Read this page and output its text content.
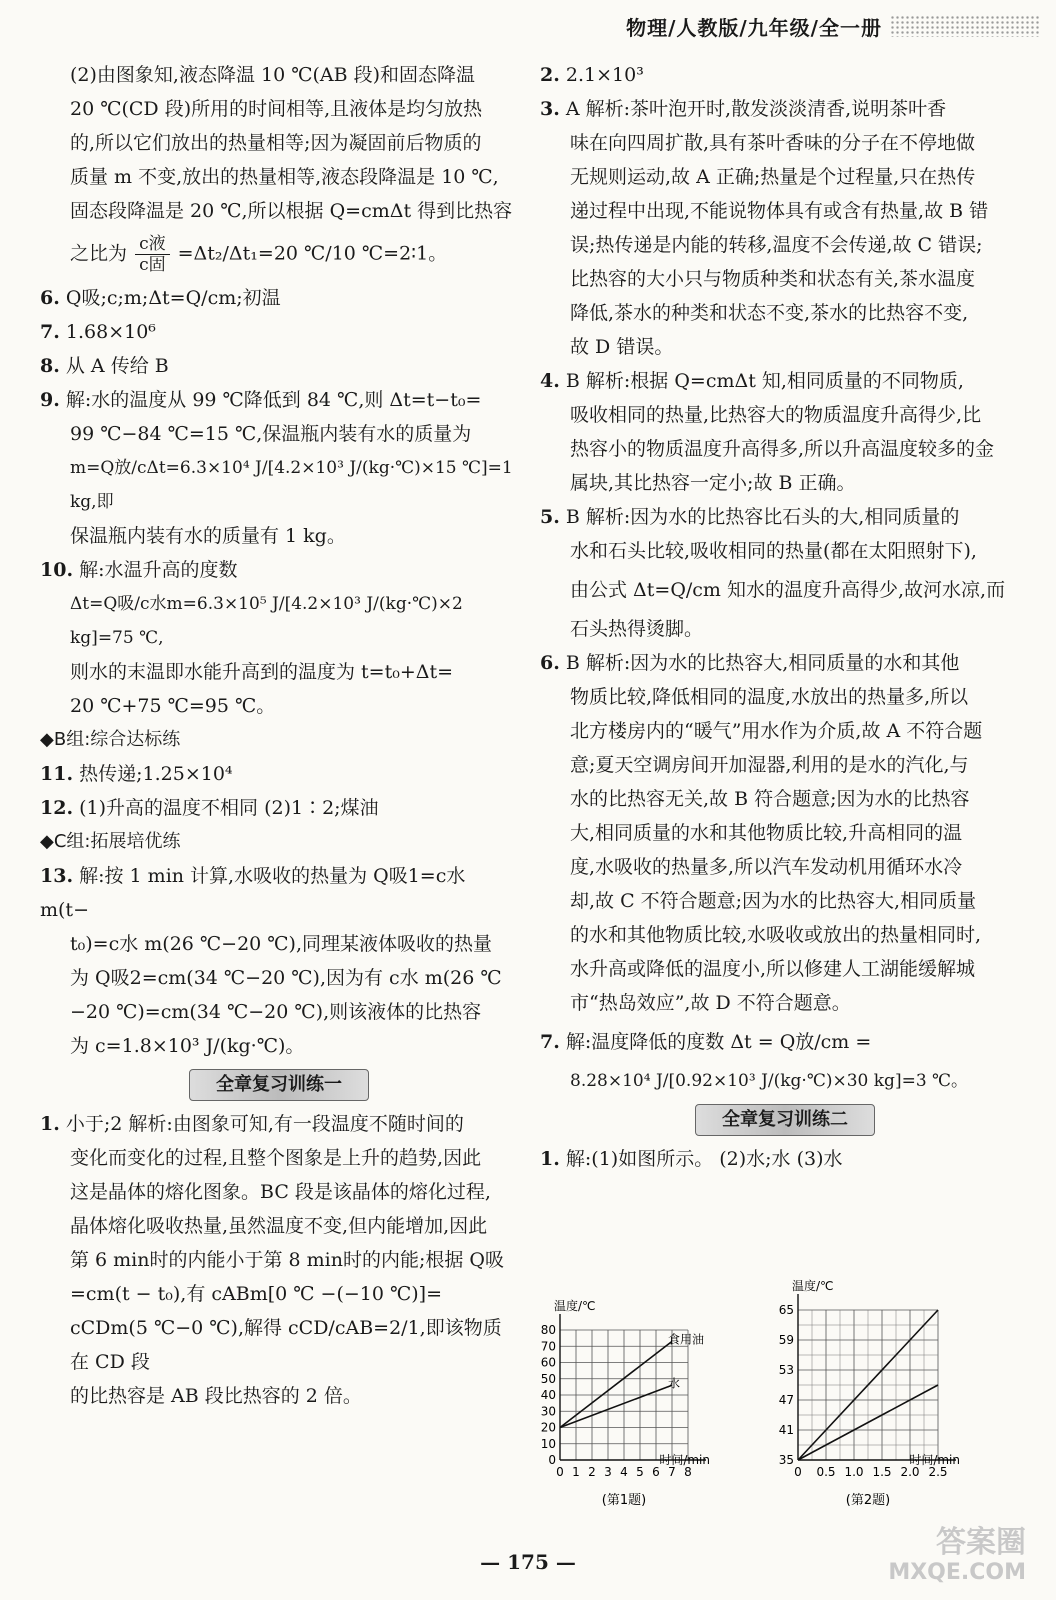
物理/人教版/九年级/全一册

(2)由图象知,液态降温 10 ℃(AB 段)和固态降温

20 ℃(CD 段)所用的时间相等,且液体是均匀放热

的,所以它们放出的热量相等;因为凝固前后物质的

质量 m 不变,放出的热量相等,液态段降温是 10 ℃,

固态段降温是 20 ℃,所以根据 Q=cmΔt 得到比热容

之比为 $\frac{\text{c液}}{\text{c固}} =\Delta t_2/\Delta t_1=20$ ℃/10 ℃=2∶1。

6. Q吸;c;m;Δt=Q/cm;初温

7. 1.68×10⁶

8. 从 A 传给 B

9. 解:水的温度从 99 ℃降低到 84 ℃,则 Δt=t−t₀=

99 ℃−84 ℃=15 ℃,保温瓶内装有水的质量为

m=Q放/cΔt=6.3×10⁴ J/[4.2×10³ J/(kg·℃)×15 ℃]=1 kg,即

保温瓶内装有水的质量有 1 kg。

10. 解:水温升高的度数

Δt=Q吸/c水m=6.3×10⁵ J/[4.2×10³ J/(kg·℃)×2 kg]=75 ℃,

则水的末温即水能升高到的温度为 t=t₀+Δt=

20 ℃+75 ℃=95 ℃。

◆B组:综合达标练

11. 热传递;1.25×10⁴

12. (1)升高的温度不相同 (2)1∶2;煤油

◆C组:拓展培优练

13. 解:按 1 min 计算,水吸收的热量为 Q吸1=c水 m(t−

t₀)=c水 m(26 ℃−20 ℃),同理某液体吸收的热量

为 Q吸2=cm(34 ℃−20 ℃),因为有 c水 m(26 ℃

−20 ℃)=cm(34 ℃−20 ℃),则该液体的比热容

为 c=1.8×10³ J/(kg·℃)。

全章复习训练一

1. 小于;2 解析:由图象可知,有一段温度不随时间的

变化而变化的过程,且整个图象是上升的趋势,因此

这是晶体的熔化图象。BC 段是该晶体的熔化过程,

晶体熔化吸收热量,虽然温度不变,但内能增加,因此

第 6 min时的内能小于第 8 min时的内能;根据 Q吸

=cm(t − t₀),有 cABm[0 ℃ −(−10 ℃)]=

cCDm(5 ℃−0 ℃),解得 cCD/cAB=2/1,即该物质在 CD 段

的比热容是 AB 段比热容的 2 倍。

2. 2.1×10³

3. A 解析:茶叶泡开时,散发淡淡清香,说明茶叶香

味在向四周扩散,具有茶叶香味的分子在不停地做

无规则运动,故 A 正确;热量是个过程量,只在热传

递过程中出现,不能说物体具有或含有热量,故 B 错

误;热传递是内能的转移,温度不会传递,故 C 错误;

比热容的大小只与物质种类和状态有关,茶水温度

降低,茶水的种类和状态不变,茶水的比热容不变,

故 D 错误。

4. B 解析:根据 Q=cmΔt 知,相同质量的不同物质,

吸收相同的热量,比热容大的物质温度升高得少,比

热容小的物质温度升高得多,所以升高温度较多的金

属块,其比热容一定小;故 B 正确。

5. B 解析:因为水的比热容比石头的大,相同质量的

水和石头比较,吸收相同的热量(都在太阳照射下),

由公式 Δt=Q/cm 知水的温度升高得少,故河水凉,而

石头热得烫脚。

6. B 解析:因为水的比热容大,相同质量的水和其他

物质比较,降低相同的温度,水放出的热量多,所以

北方楼房内的“暖气”用水作为介质,故 A 不符合题

意;夏天空调房间开加湿器,利用的是水的汽化,与

水的比热容无关,故 B 符合题意;因为水的比热容

大,相同质量的水和其他物质比较,升高相同的温

度,水吸收的热量多,所以汽车发动机用循环水冷

却,故 C 不符合题意;因为水的比热容大,相同质量

的水和其他物质比较,水吸收或放出的热量相同时,

水升高或降低的温度小,所以修建人工湖能缓解城

市“热岛效应”,故 D 不符合题意。

7. 解:温度降低的度数 Δt = Q放/cm =

8.28×10⁴ J/[0.92×10³ J/(kg·℃)×30 kg]=3 ℃。

全章复习训练二

1. 解:(1)如图所示。 (2)水;水 (3)水

0 1 2 3 4 5 6 7 8
0
10
20
30
40
50
60
70
80
温度/℃
时间/min
食用油
水
(第1题)
0 0.5 1.0 1.5 2.0 2.5
35
41
47
53
59
65
温度/℃
时间/min
(第2题)
— 175 —
答案圈
MXQE.COM
